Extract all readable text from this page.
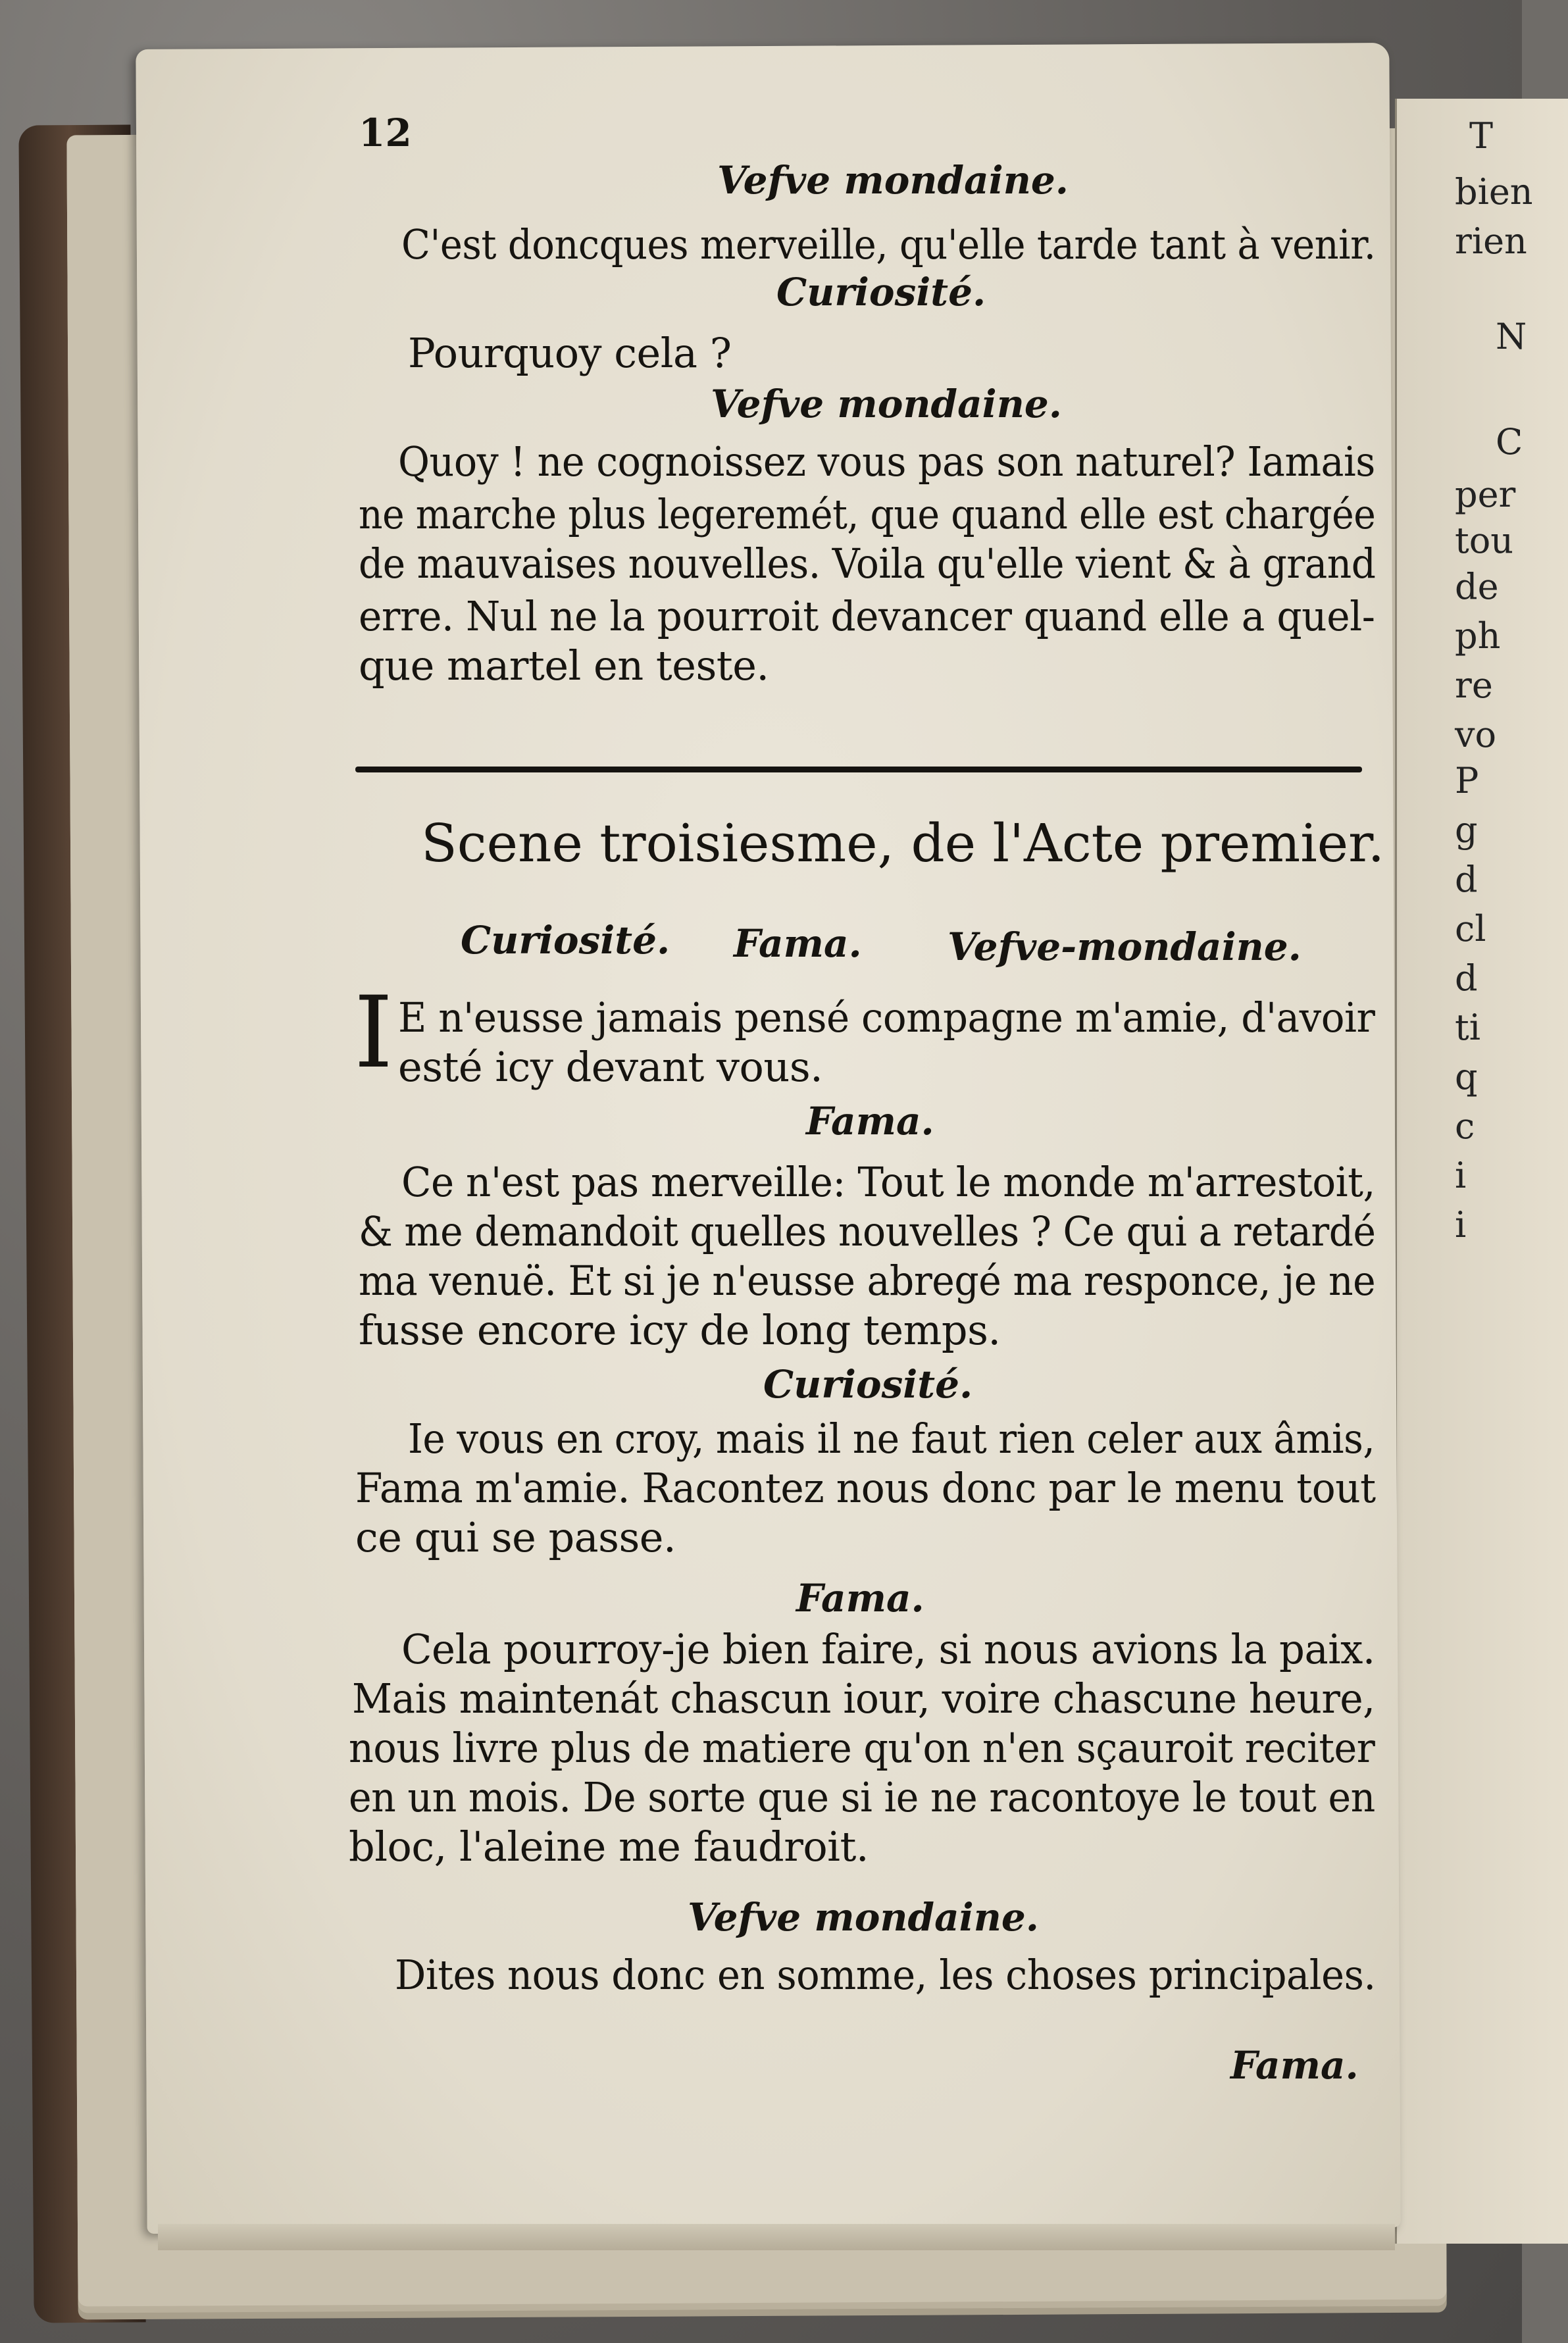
T
bien
rien
N
C
per
tou
de
ph
re
vo
P
g
d
cl
d
ti
q
c
i
i
12
Vefve mondaine.
C'est doncques merveille, qu'elle tarde tant à venir.
Curiosité.
Pourquoy cela ?
Vefve mondaine.
Quoy ! ne cognoissez vous pas son naturel? Iamais
ne marche plus legeremét, que quand elle est chargée
de mauvaises nouvelles. Voila qu'elle vient & à grand
erre. Nul ne la pourroit devancer quand elle a quel-
que martel en teste.
Scene troisiesme, de l'Acte premier.
Curiosité. Fama. Vefve-mondaine.
I E n'eusse jamais pensé compagne m'amie, d'avoir
esté icy devant vous.
Fama.
Ce n'est pas merveille: Tout le monde m'arrestoit,
& me demandoit quelles nouvelles ? Ce qui a retardé
ma venuë. Et si je n'eusse abregé ma responce, je ne
fusse encore icy de long temps.
Curiosité.
Ie vous en croy, mais il ne faut rien celer aux âmis,
Fama m'amie. Racontez nous donc par le menu tout
ce qui se passe.
Fama.
Cela pourroy-je bien faire, si nous avions la paix.
Mais maintenát chascun iour, voire chascune heure,
nous livre plus de matiere qu'on n'en sçauroit reciter
en un mois. De sorte que si ie ne racontoye le tout en
bloc, l'aleine me faudroit.
Vefve mondaine.
Dites nous donc en somme, les choses principales.
Fama.
